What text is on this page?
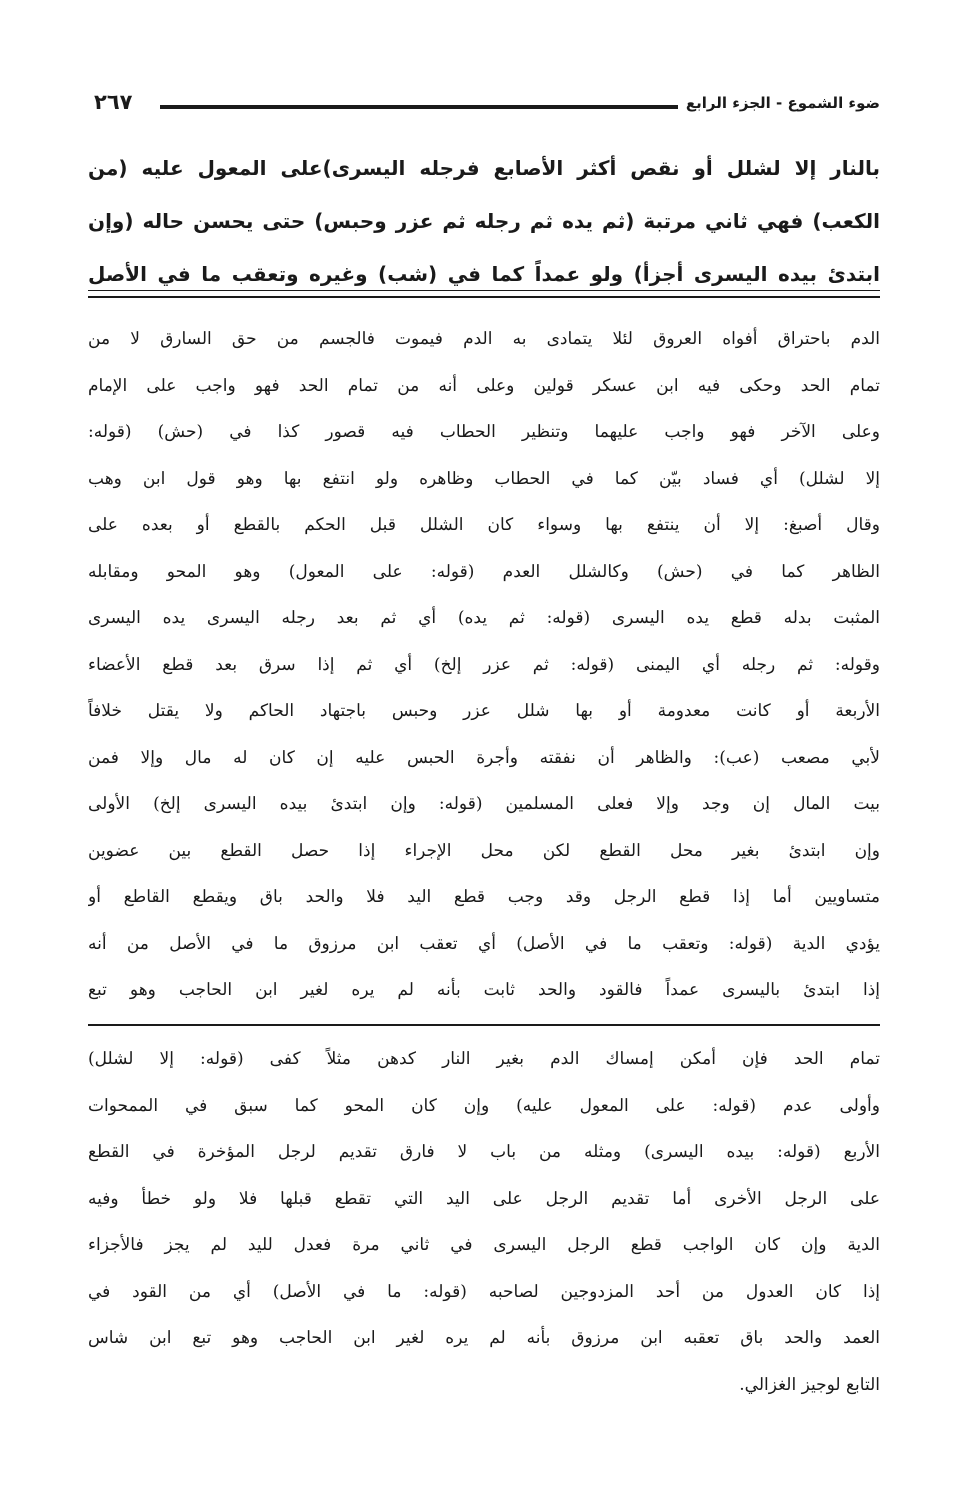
ضوء الشموع - الجزء الرابع
٢٦٧
بالنار إلا لشلل أو نقص أكثر الأصابع فرجله اليسرى)على المعول عليه (من
الكعب) فهي ثاني مرتبة (ثم يده ثم رجله ثم عزر وحبس) حتى يحسن حاله (وإن
ابتدئ بيده اليسرى أجزأ) ولو عمداً كما في (شب) وغيره وتعقب ما في الأصل
الدم باحتراق أفواه العروق لئلا يتمادى به الدم فيموت فالجسم من حق السارق لا من
تمام الحد وحكى فيه ابن عسكر قولين وعلى أنه من تمام الحد فهو واجب على الإمام
وعلى الآخر فهو واجب عليهما وتنظير الحطاب فيه قصور كذا في (حش) (قوله:
إلا لشلل) أي فساد بيّن كما في الحطاب وظاهره ولو انتفع بها وهو قول ابن وهب
وقال أصبغ: إلا أن ينتفع بها وسواء كان الشلل قبل الحكم بالقطع أو بعده على
الظاهر كما في (حش) وكالشلل العدم (قوله: على المعول) وهو المحو ومقابله
المثبت بدله قطع يده اليسرى (قوله: ثم يده) أي ثم بعد رجله اليسرى يده اليسرى
وقوله: ثم رجله أي اليمنى (قوله: ثم عزر إلخ) أي ثم إذا سرق بعد قطع الأعضاء
الأربعة أو كانت معدومة أو بها شلل عزر وحبس باجتهاد الحاكم ولا يقتل خلافاً
لأبي مصعب (عب): والظاهر أن نفقته وأجرة الحبس عليه إن كان له مال وإلا فمن
بيت المال إن وجد وإلا فعلى المسلمين (قوله: وإن ابتدئ بيده اليسرى إلخ) الأولى
وإن ابتدئ بغير محل القطع لكن محل الإجراء إذا حصل القطع بين عضوين
متساويين أما إذا قطع الرجل وقد وجب قطع اليد فلا والحد باق ويقطع القاطع أو
يؤدي الدية (قوله: وتعقب ما في الأصل) أي تعقب ابن مرزوق ما في الأصل من أنه
إذا ابتدئ باليسرى عمداً فالقود والحد ثابت بأنه لم يره لغير ابن الحاجب وهو تبع
تمام الحد فإن أمكن إمساك الدم بغير النار كدهن مثلاً كفى (قوله: إلا لشلل)
وأولى عدم (قوله: على المعول عليه) وإن كان المحو كما سبق في الممحوات
الأربع (قوله: بيده اليسرى) ومثله من باب لا فارق تقديم لرجل المؤخرة في القطع
على الرجل الأخرى أما تقديم الرجل على اليد التي تقطع قبلها فلا ولو خطأ وفيه
الدية وإن كان الواجب قطع الرجل اليسرى في ثاني مرة فعدل لليد لم يجز فالأجزاء
إذا كان العدول من أحد المزدوجين لصاحبه (قوله: ما في الأصل) أي من القود في
العمد والحد باق تعقبه ابن مرزوق بأنه لم يره لغير ابن الحاجب وهو تبع ابن شاس
التابع لوجيز الغزالي.
